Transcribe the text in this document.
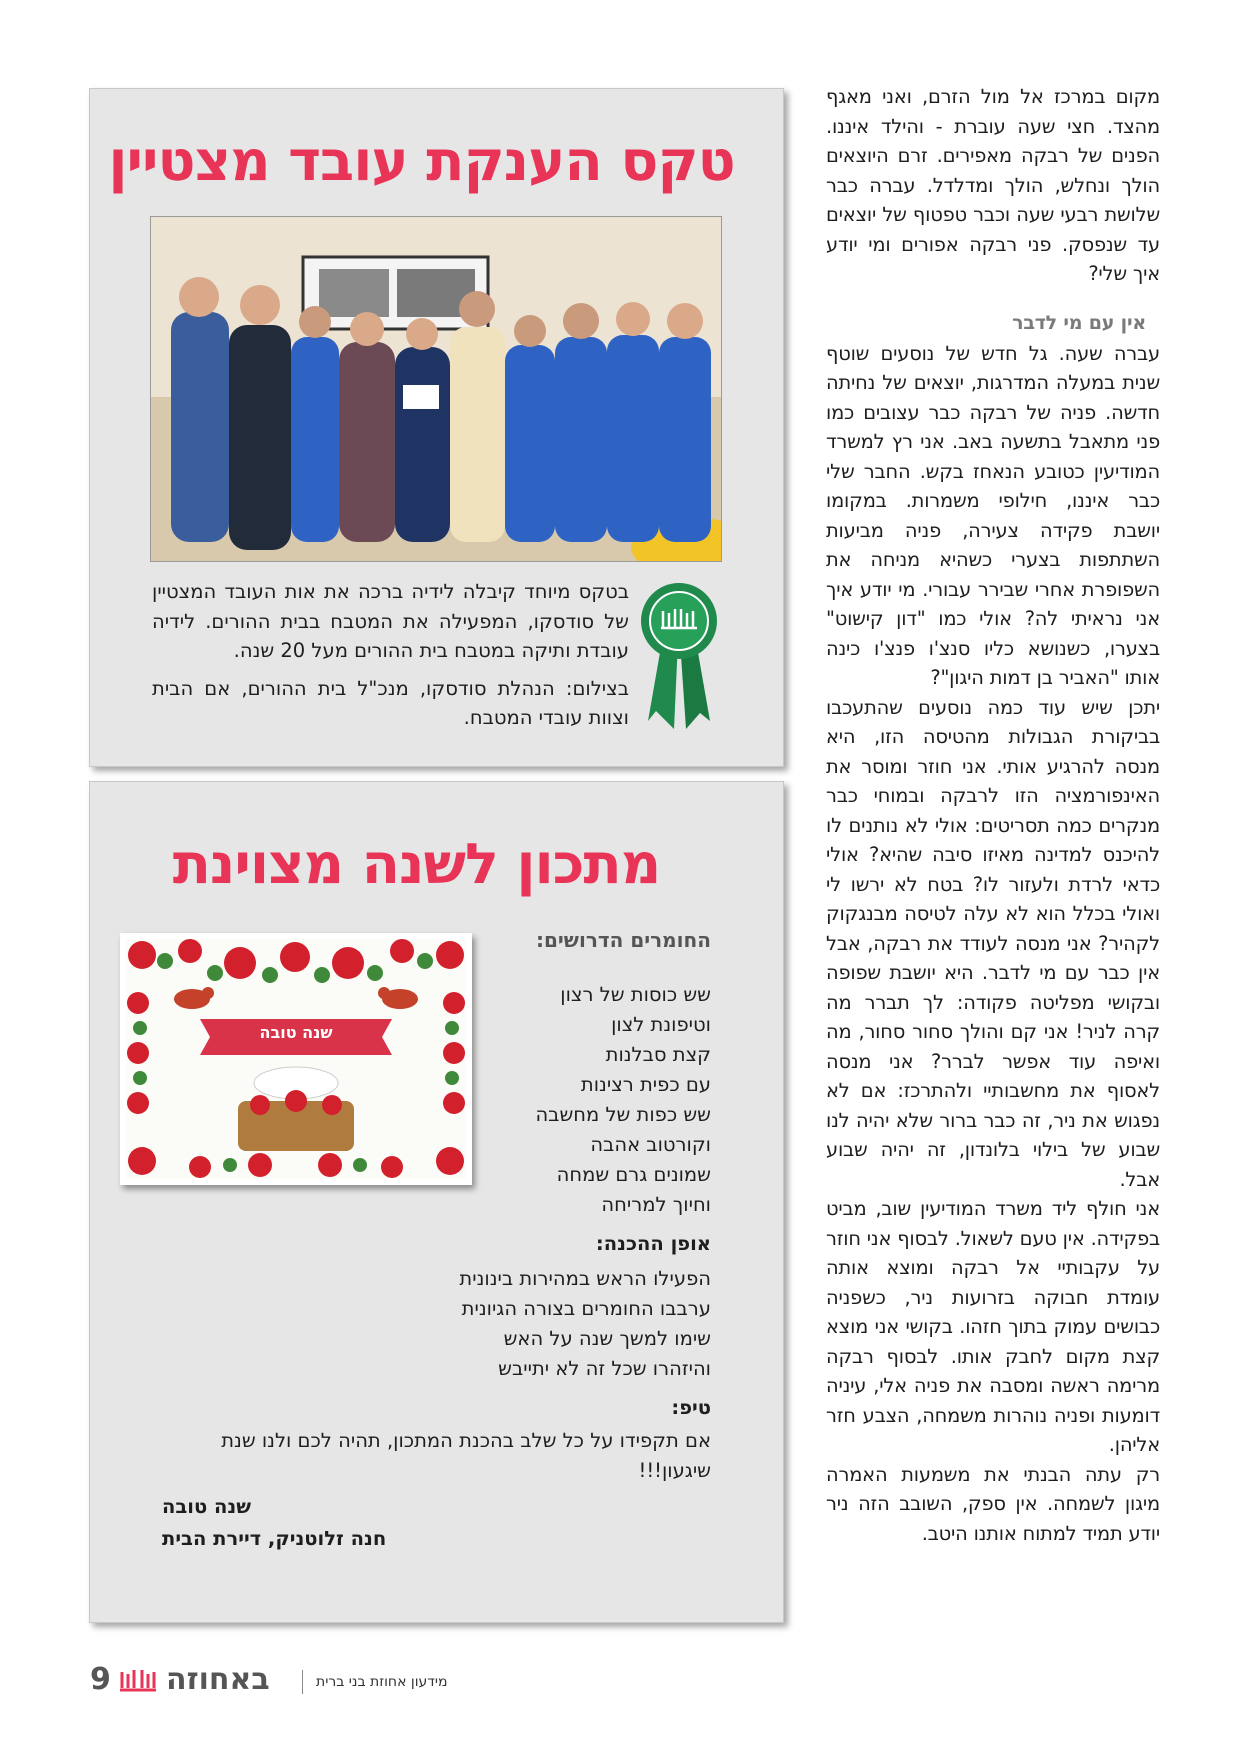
מקום במרכז אל מול הזרם, ואני מאגף מהצד. חצי שעה עוברת - והילד איננו. הפנים של רבקה מאפירים. זרם היוצאים הולך ונחלש, הולך ומדלדל. עברה כבר שלושת רבעי שעה וכבר טפטוף של יוצאים עד שנפסק. פני רבקה אפורים ומי יודע איך שלי?

אין עם מי לדבר

עברה שעה. גל חדש של נוסעים שוטף שנית במעלה המדרגות, יוצאים של נחיתה חדשה. פניה של רבקה כבר עצובים כמו פני מתאבל בתשעה באב. אני רץ למשרד המודיעין כטובע הנאחז בקש. החבר שלי כבר איננו, חילופי משמרות. במקומו יושבת פקידה צעירה, פניה מביעות השתתפות בצערי כשהיא מניחה את השפופרת אחרי שבירר עבורי. מי יודע איך אני נראיתי לה? אולי כמו "דון קישוט" בצערו, כשנושא כליו סנצ'ו פנצ'ו כינה אותו "האביר בן דמות היגון"?

יתכן שיש עוד כמה נוסעים שהתעכבו בביקורת הגבולות מהטיסה הזו, היא מנסה להרגיע אותי. אני חוזר ומוסר את האינפורמציה הזו לרבקה ובמוחי כבר מנקרים כמה תסריטים: אולי לא נותנים לו להיכנס למדינה מאיזו סיבה שהיא? אולי כדאי לרדת ולעזור לו? בטח לא ירשו לי ואולי בכלל הוא לא עלה לטיסה מבנגקוק לקהיר? אני מנסה לעודד את רבקה, אבל אין כבר עם מי לדבר. היא יושבת שפופה ובקושי מפליטה פקודה: לך תברר מה קרה לניר! אני קם והולך סחור סחור, מה ואיפה עוד אפשר לברר? אני מנסה לאסוף את מחשבותיי ולהתרכז: אם לא נפגוש את ניר, זה כבר ברור שלא יהיה לנו שבוע של בילוי בלונדון, זה יהיה שבוע אבל.

אני חולף ליד משרד המודיעין שוב, מביט בפקידה. אין טעם לשאול. לבסוף אני חוזר על עקבותיי אל רבקה ומוצא אותה עומדת חבוקה בזרועות ניר, כשפניה כבושים עמוק בתוך חזהו. בקושי אני מוצא קצת מקום לחבק אותו. לבסוף רבקה מרימה ראשה ומסבה את פניה אלי, עיניה דומעות ופניה נוהרות משמחה, הצבע חזר אליהן.

רק עתה הבנתי את משמעות האמרה מיגון לשמחה. אין ספק, השובב הזה ניר יודע תמיד למתוח אותנו היטב.

טקס הענקת עובד מצטיין

בטקס מיוחד קיבלה לידיה ברכה את אות העובד המצטיין של סודסקו, המפעילה את המטבח בבית ההורים. לידיה עובדת ותיקה במטבח בית ההורים מעל 20 שנה.

בצילום: הנהלת סודסקו, מנכ"ל בית ההורים, אם הבית וצוות עובדי המטבח.

מתכון לשנה מצוינת
שנה טובה
החומרים הדרושים:
שש כוסות של רצון
וטיפונת לצון
קצת סבלנות
עם כפית רצינות
שש כפות של מחשבה
וקורטוב אהבה
שמונים גרם שמחה
וחיוך למריחה
אופן ההכנה:
הפעילו הראש במהירות בינונית
ערבבו החומרים בצורה הגיונית
שימו למשך שנה על האש
והיזהרו שכל זה לא יתייבש
טיפ:

אם תקפידו על כל שלב בהכנת המתכון, תהיה לכם ולנו שנת שיגעון!!!

שנה טובה

חנה זלוטניק, דיירת הבית

9 באחוזה	מידעון אחוזת בני ברית
